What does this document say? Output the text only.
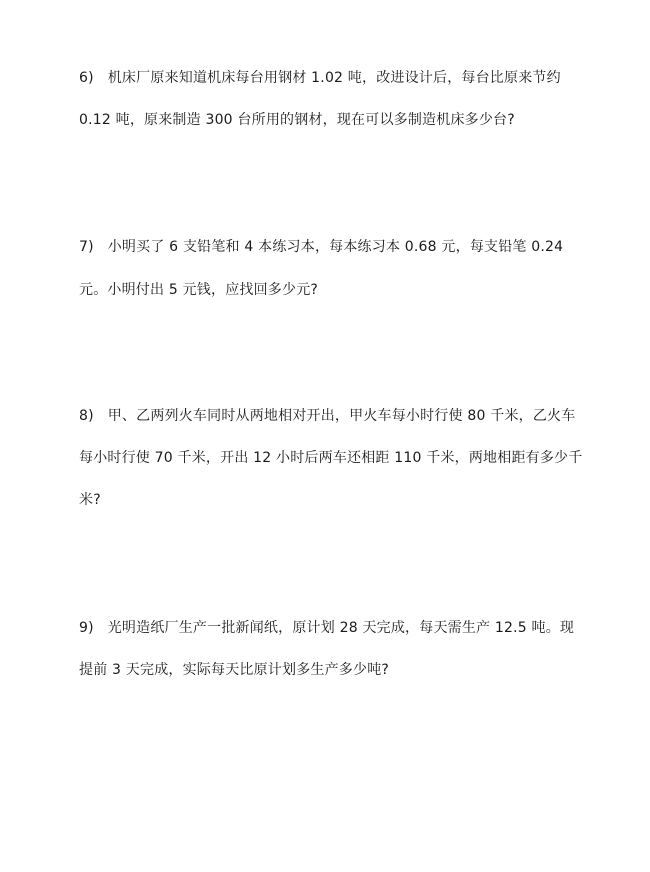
6) 机床厂原来知道机床每台用钢材 1.02 吨，改进设计后，每台比原来节约
0.12 吨，原来制造 300 台所用的钢材，现在可以多制造机床多少台?
7) 小明买了 6 支铅笔和 4 本练习本，每本练习本 0.68 元，每支铅笔 0.24
元。小明付出 5 元钱，应找回多少元?
8) 甲、乙两列火车同时从两地相对开出，甲火车每小时行使 80 千米，乙火车
每小时行使 70 千米，开出 12 小时后两车还相距 110 千米，两地相距有多少千
米?
9) 光明造纸厂生产一批新闻纸，原计划 28 天完成，每天需生产 12.5 吨。现
提前 3 天完成，实际每天比原计划多生产多少吨?
